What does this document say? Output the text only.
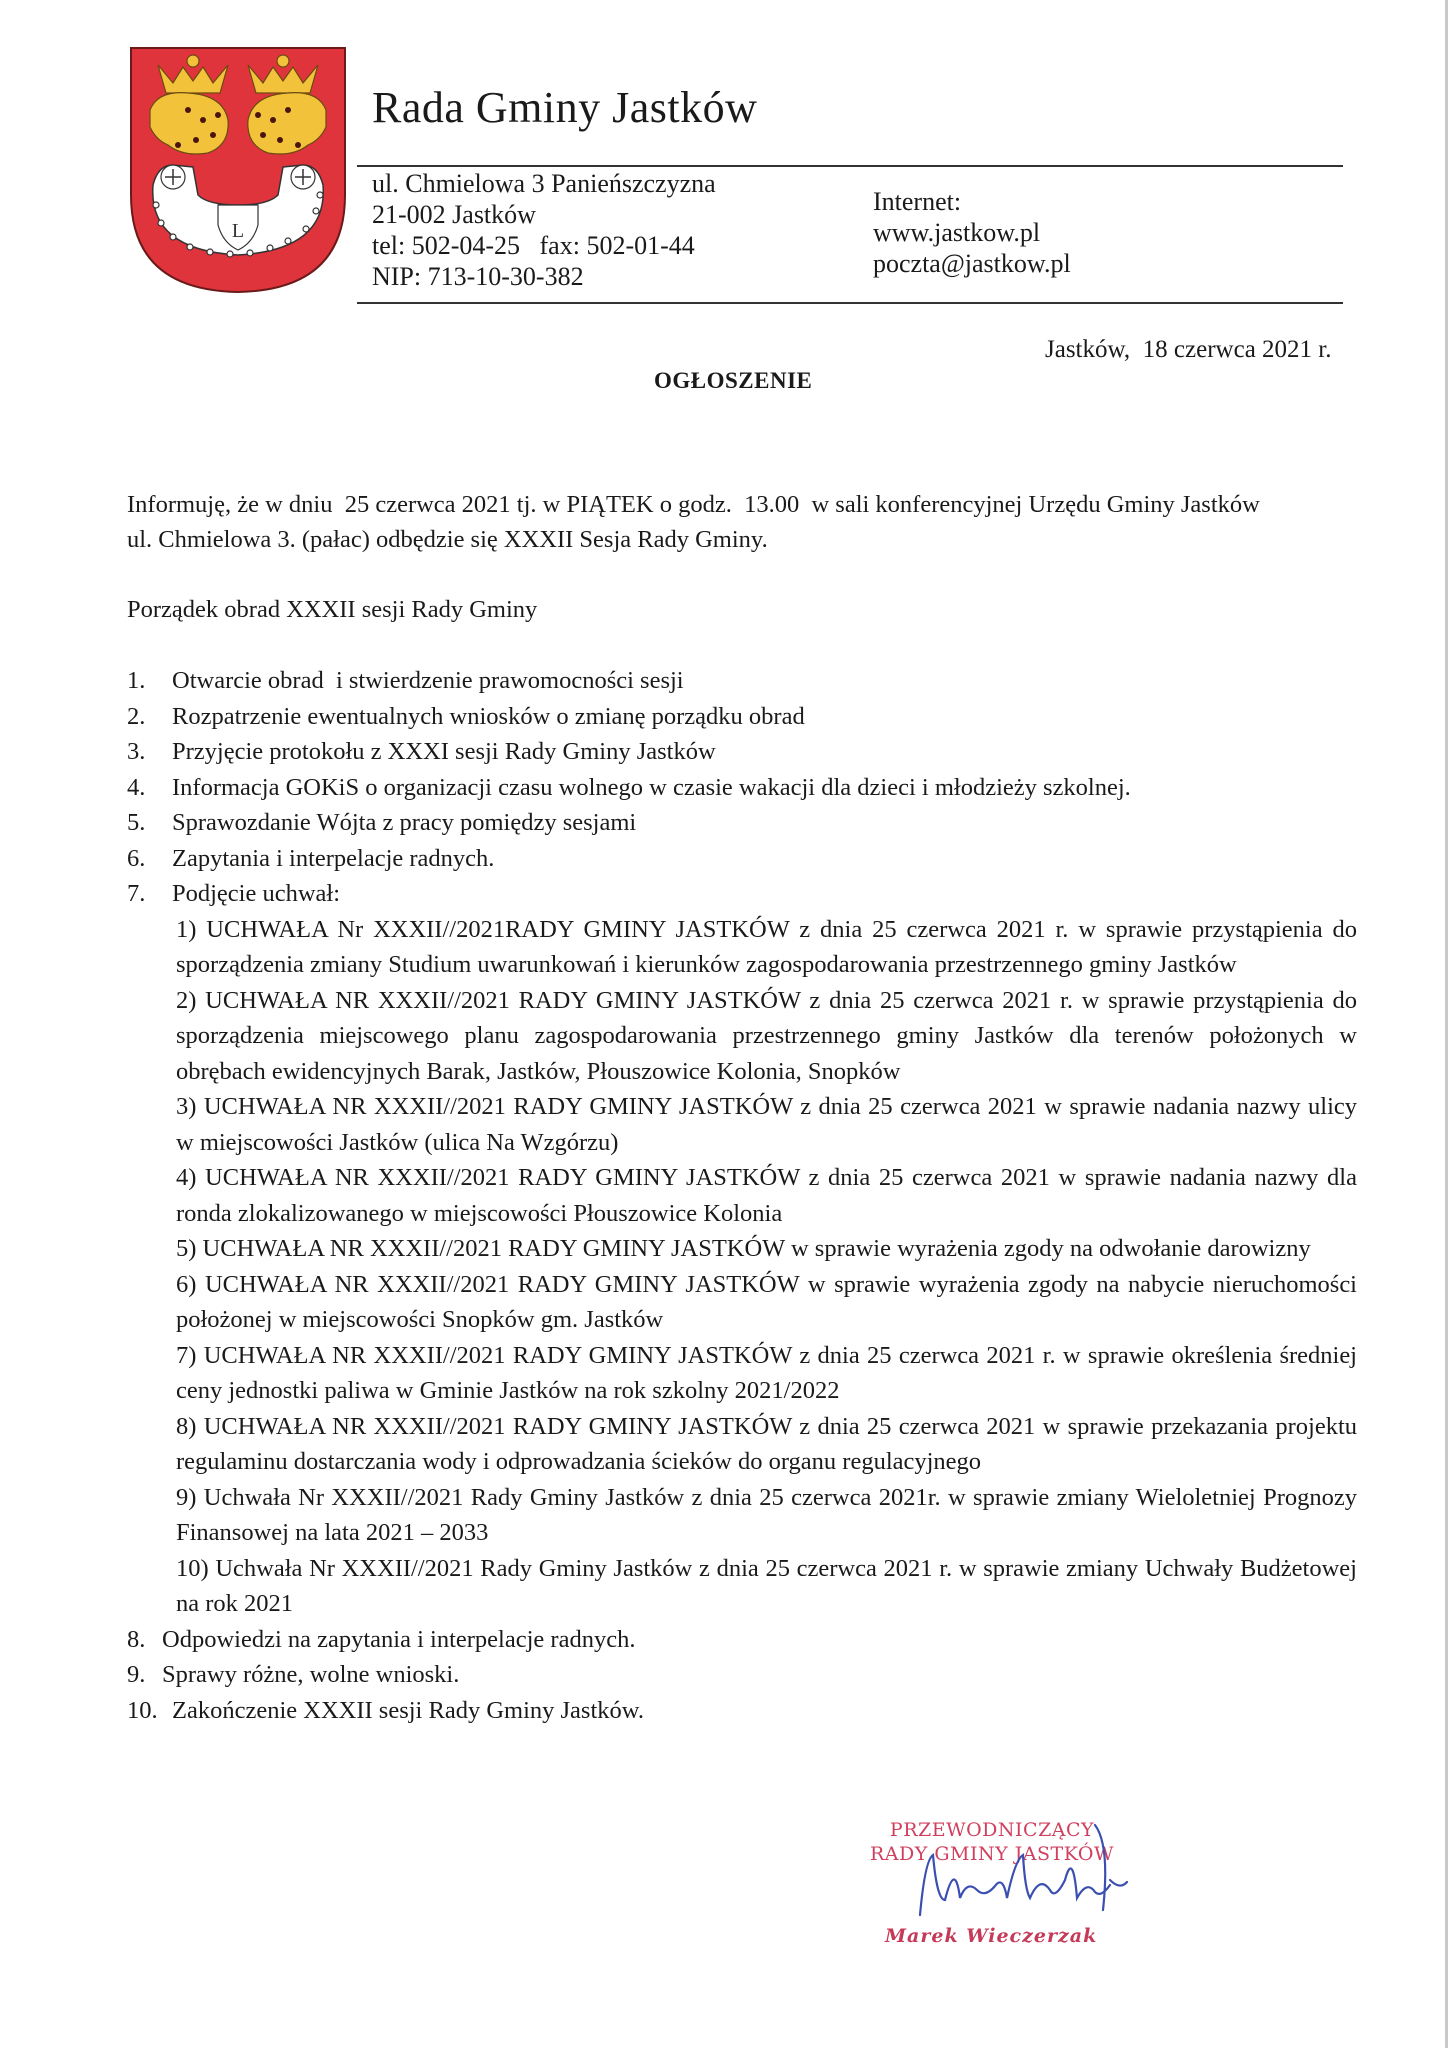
L
Rada Gminy Jastków
ul. Chmielowa 3 Panieńszczyzna
21-002 Jastków
tel: 502-04-25   fax: 502-01-44
NIP: 713-10-30-382
Internet:
www.jastkow.pl
poczta@jastkow.pl
Jastków,  18 czerwca 2021 r.
OGŁOSZENIE
Informuję, że w dniu  25 czerwca 2021 tj. w PIĄTEK o godz.  13.00  w sali konferencyjnej Urzędu Gminy Jastków
ul. Chmielowa 3. (pałac) odbędzie się XXXII Sesja Rady Gminy.
Porządek obrad XXXII sesji Rady Gminy
1.	Otwarcie obrad  i stwierdzenie prawomocności sesji
2.	Rozpatrzenie ewentualnych wniosków o zmianę porządku obrad
3.	Przyjęcie protokołu z XXXI sesji Rady Gminy Jastków
4.	Informacja GOKiS o organizacji czasu wolnego w czasie wakacji dla dzieci i młodzieży szkolnej.
5.	Sprawozdanie Wójta z pracy pomiędzy sesjami
6.	Zapytania i interpelacje radnych.
7.	Podjęcie uchwał:
1) UCHWAŁA Nr XXXII//2021RADY GMINY JASTKÓW z dnia 25 czerwca 2021 r. w sprawie przystąpienia do sporządzenia zmiany Studium uwarunkowań i kierunków zagospodarowania przestrzennego gminy Jastków
2) UCHWAŁA NR XXXII//2021 RADY GMINY JASTKÓW z dnia 25 czerwca 2021 r. w sprawie przystąpienia do sporządzenia miejscowego planu zagospodarowania przestrzennego gminy Jastków dla terenów położonych w obrębach ewidencyjnych Barak, Jastków, Płouszowice Kolonia, Snopków
3) UCHWAŁA NR XXXII//2021 RADY GMINY JASTKÓW z dnia 25 czerwca 2021 w sprawie nadania nazwy ulicy w miejscowości Jastków (ulica Na Wzgórzu)
4) UCHWAŁA NR XXXII//2021 RADY GMINY JASTKÓW z dnia 25 czerwca 2021 w sprawie nadania nazwy dla ronda zlokalizowanego w miejscowości Płouszowice Kolonia
5) UCHWAŁA NR XXXII//2021 RADY GMINY JASTKÓW w sprawie wyrażenia zgody na odwołanie darowizny
6) UCHWAŁA NR XXXII//2021 RADY GMINY JASTKÓW w sprawie wyrażenia zgody na nabycie nieruchomości położonej w miejscowości Snopków gm. Jastków
7) UCHWAŁA NR XXXII//2021 RADY GMINY JASTKÓW z dnia 25 czerwca 2021 r. w sprawie określenia średniej ceny jednostki paliwa w Gminie Jastków na rok szkolny 2021/2022
8) UCHWAŁA NR XXXII//2021 RADY GMINY JASTKÓW z dnia 25 czerwca 2021 w sprawie przekazania projektu regulaminu dostarczania wody i odprowadzania ścieków do organu regulacyjnego
9) Uchwała Nr XXXII//2021 Rady Gminy Jastków z dnia 25 czerwca 2021r. w sprawie zmiany Wieloletniej Prognozy Finansowej na lata 2021 – 2033
10) Uchwała Nr XXXII//2021 Rady Gminy Jastków z dnia 25 czerwca 2021 r. w sprawie zmiany Uchwały Budżetowej na rok 2021
8. Odpowiedzi na zapytania i interpelacje radnych.
9. Sprawy różne, wolne wnioski.
10. Zakończenie XXXII sesji Rady Gminy Jastków.
PRZEWODNICZĄCY
RADY GMINY JASTKÓW
Marek Wieczerzak
